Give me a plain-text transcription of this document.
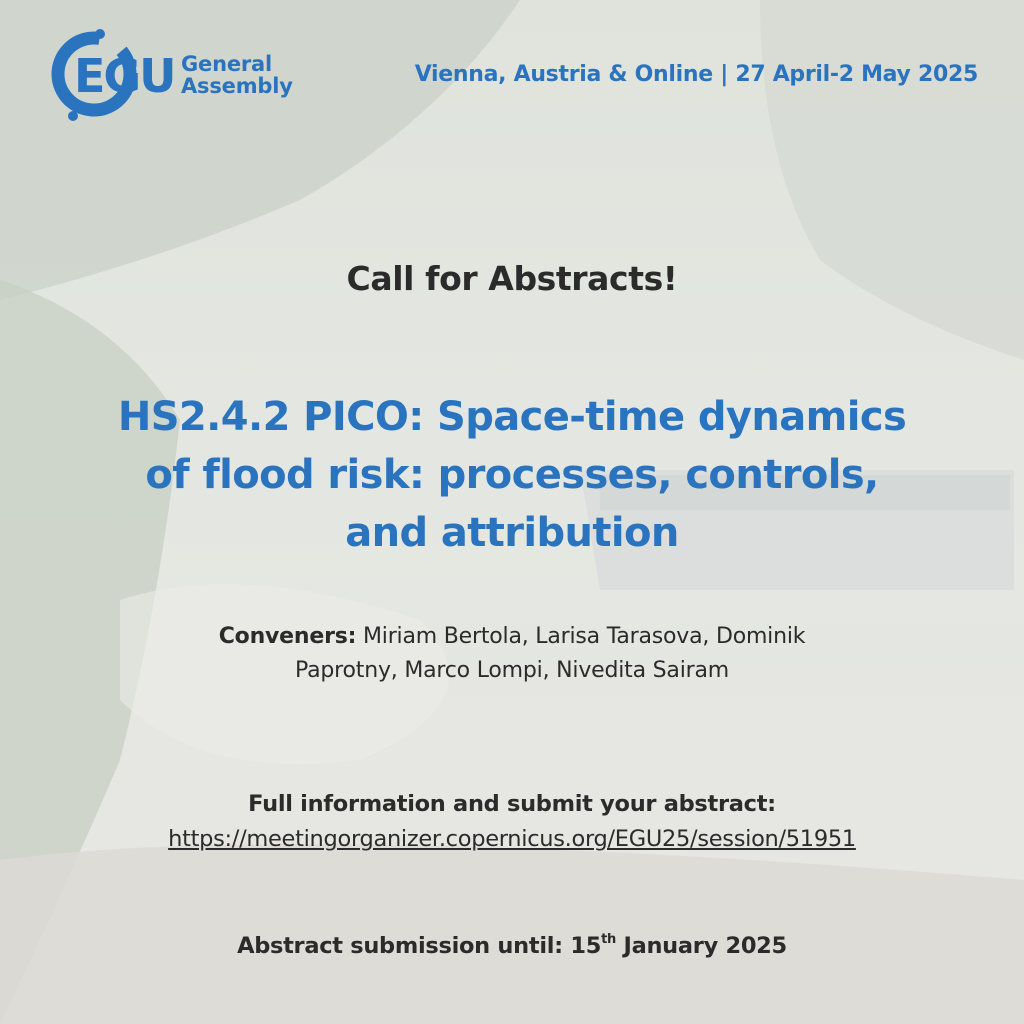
EGU General
Assembly	Vienna, Austria & Online | 27 April-2 May 2025
Call for Abstracts!
HS2.4.2 PICO: Space-time dynamics
of flood risk: processes, controls,
and attribution
Conveners: Miriam Bertola, Larisa Tarasova, Dominik
Paprotny, Marco Lompi, Nivedita Sairam
Full information and submit your abstract:
https://meetingorganizer.copernicus.org/EGU25/session/51951
Abstract submission until: 15th January 2025
